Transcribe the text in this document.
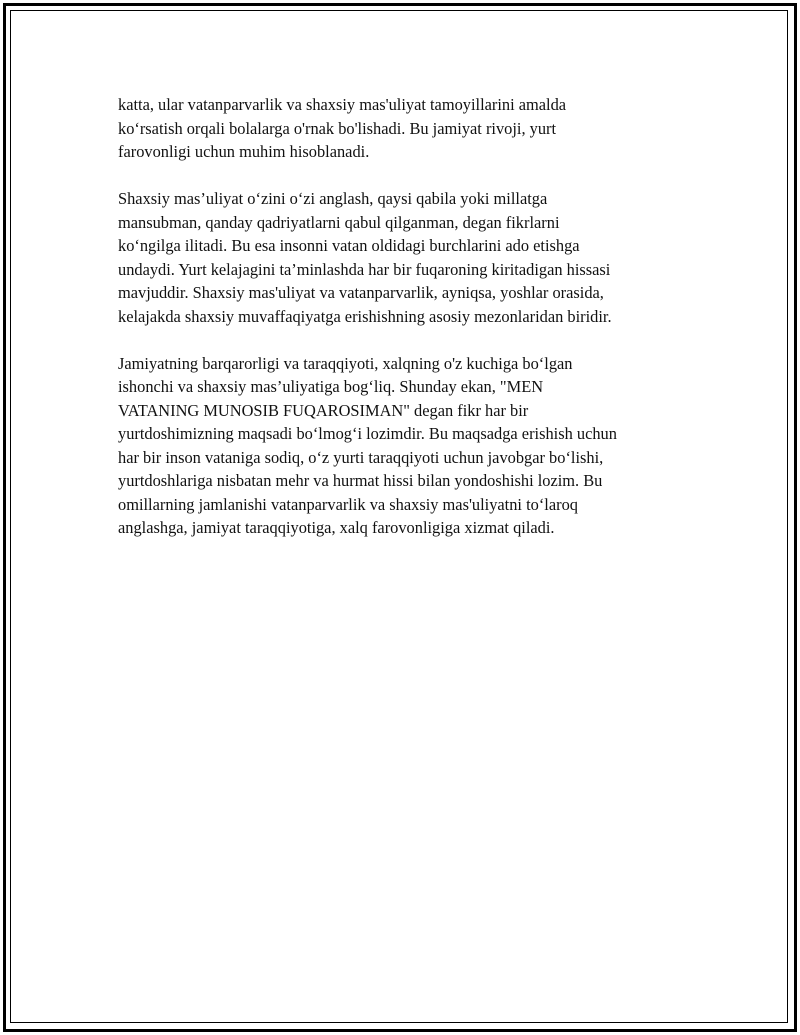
katta, ular vatanparvarlik va shaxsiy mas'uliyat tamoyillarini amalda
ko‘rsatish orqali bolalarga o'rnak bo'lishadi. Bu jamiyat rivoji, yurt
farovonligi uchun muhim hisoblanadi.

Shaxsiy mas’uliyat o‘zini o‘zi anglash, qaysi qabila yoki millatga
mansubman, qanday qadriyatlarni qabul qilganman, degan fikrlarni
ko‘ngilga ilitadi. Bu esa insonni vatan oldidagi burchlarini ado etishga
undaydi. Yurt kelajagini ta’minlashda har bir fuqaroning kiritadigan hissasi
mavjuddir. Shaxsiy mas'uliyat va vatanparvarlik, ayniqsa, yoshlar orasida,
kelajakda shaxsiy muvaffaqiyatga erishishning asosiy mezonlaridan biridir.

Jamiyatning barqarorligi va taraqqiyoti, xalqning o'z kuchiga bo‘lgan
ishonchi va shaxsiy mas’uliyatiga bog‘liq. Shunday ekan, "MEN
VATANING MUNOSIB FUQAROSIMAN" degan fikr har bir
yurtdoshimizning maqsadi bo‘lmog‘i lozimdir. Bu maqsadga erishish uchun
har bir inson vataniga sodiq, o‘z yurti taraqqiyoti uchun javobgar bo‘lishi,
yurtdoshlariga nisbatan mehr va hurmat hissi bilan yondoshishi lozim. Bu
omillarning jamlanishi vatanparvarlik va shaxsiy mas'uliyatni to‘laroq
anglashga, jamiyat taraqqiyotiga, xalq farovonligiga xizmat qiladi.
